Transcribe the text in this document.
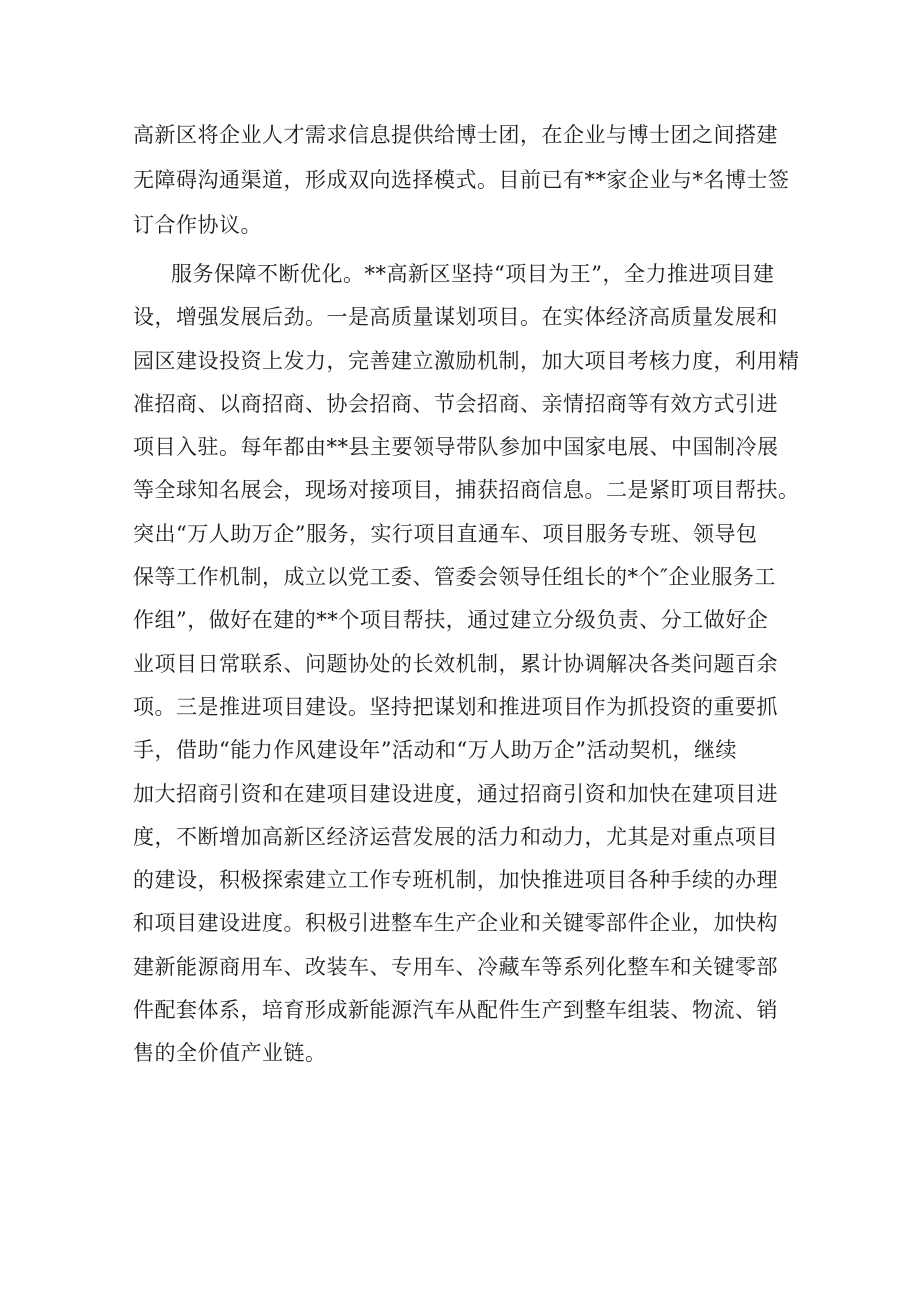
高新区将企业人才需求信息提供给博士团，在企业与博士团之间搭建
无障碍沟通渠道，形成双向选择模式。目前已有**家企业与*名博士签
订合作协议。
服务保障不断优化。**高新区坚持“项目为王”，全力推进项目建
设，增强发展后劲。一是高质量谋划项目。在实体经济高质量发展和
园区建设投资上发力，完善建立激励机制，加大项目考核力度，利用精
准招商、以商招商、协会招商、节会招商、亲情招商等有效方式引进
项目入驻。每年都由**县主要领导带队参加中国家电展、中国制冷展
等全球知名展会，现场对接项目，捕获招商信息。二是紧盯项目帮扶。
突出“万人助万企”服务，实行项目直通车、项目服务专班、领导包
保等工作机制，成立以党工委、管委会领导任组长的*个″企业服务工
作组”，做好在建的**个项目帮扶，通过建立分级负责、分工做好企
业项目日常联系、问题协处的长效机制，累计协调解决各类问题百余
项。三是推进项目建设。坚持把谋划和推进项目作为抓投资的重要抓
手，借助“能力作风建设年”活动和“万人助万企”活动契机，继续
加大招商引资和在建项目建设进度，通过招商引资和加快在建项目进
度，不断增加高新区经济运营发展的活力和动力，尤其是对重点项目
的建设，积极探索建立工作专班机制，加快推进项目各种手续的办理
和项目建设进度。积极引进整车生产企业和关键零部件企业，加快构
建新能源商用车、改装车、专用车、冷藏车等系列化整车和关键零部
件配套体系，培育形成新能源汽车从配件生产到整车组装、物流、销
售的全价值产业链。
